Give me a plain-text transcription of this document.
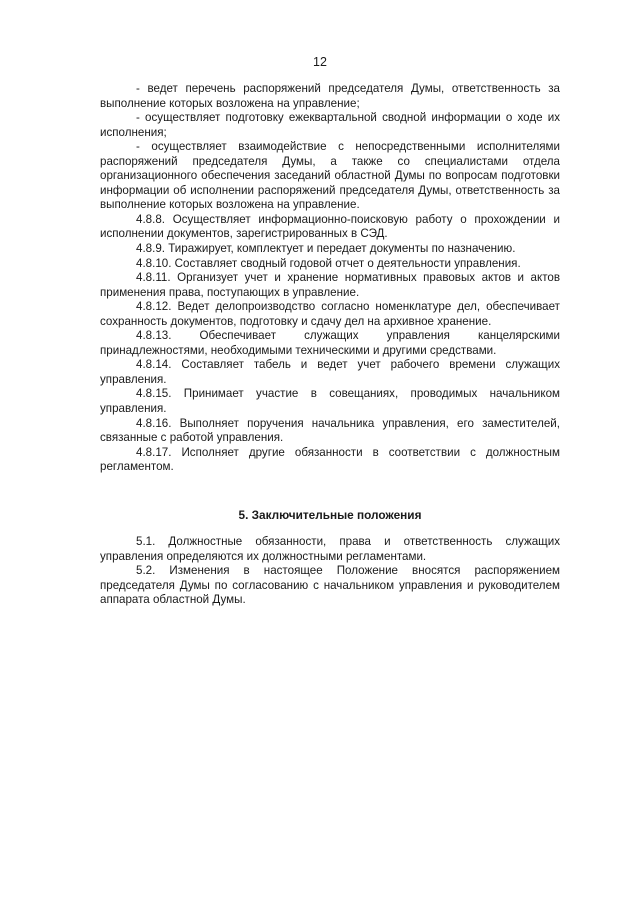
12

- ведет перечень распоряжений председателя Думы, ответственность за выполнение которых возложена на управление;

- осуществляет подготовку ежеквартальной сводной информации о ходе их исполнения;

- осуществляет взаимодействие с непосредственными исполнителями распоряжений председателя Думы, а также со специалистами отдела организационного обеспечения заседаний областной Думы по вопросам подготовки информации об исполнении распоряжений председателя Думы, ответственность за выполнение которых возложена на управление.

4.8.8. Осуществляет информационно-поисковую работу о прохождении и исполнении документов, зарегистрированных в СЭД.

4.8.9. Тиражирует, комплектует и передает документы по назначению.

4.8.10. Составляет сводный годовой отчет о деятельности управления.

4.8.11. Организует учет и хранение нормативных правовых актов и актов применения права, поступающих в управление.

4.8.12. Ведет делопроизводство согласно номенклатуре дел, обеспечивает сохранность документов, подготовку и сдачу дел на архивное хранение.

4.8.13. Обеспечивает служащих управления канцелярскими принадлежностями, необходимыми техническими и другими средствами.

4.8.14. Составляет табель и ведет учет рабочего времени служащих управления.

4.8.15. Принимает участие в совещаниях, проводимых начальником управления.

4.8.16. Выполняет поручения начальника управления, его заместителей, связанные с работой управления.

4.8.17. Исполняет другие обязанности в соответствии с должностным регламентом.

5. Заключительные положения

5.1. Должностные обязанности, права и ответственность служащих управления определяются их должностными регламентами.

5.2. Изменения в настоящее Положение вносятся распоряжением председателя Думы по согласованию с начальником управления и руководителем аппарата областной Думы.
